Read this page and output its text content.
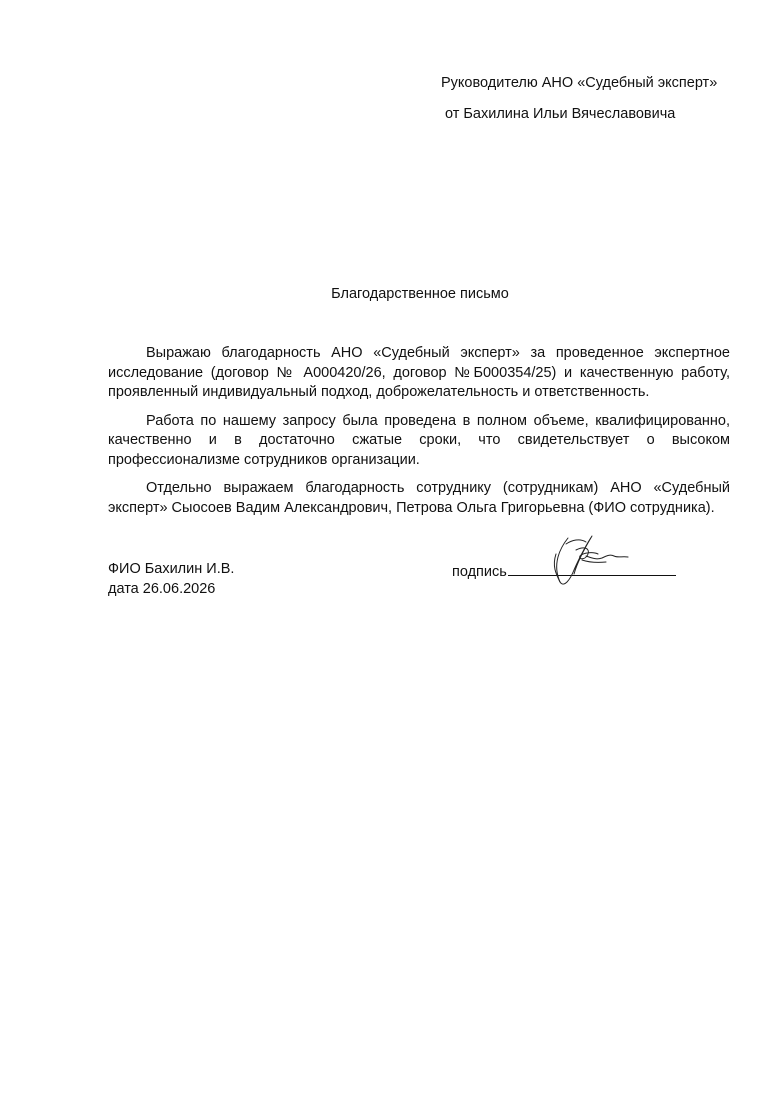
Руководителю АНО «Судебный эксперт»
от Бахилина Ильи Вячеславовича
Благодарственное письмо

Выражаю благодарность АНО «Судебный эксперт» за проведенное экспертное исследование (договор № А000420/26, договор №Б000354/25) и качественную работу, проявленный индивидуальный подход, доброжелательность и ответственность.

Работа по нашему запросу была проведена в полном объеме, квалифицированно, качественно и в достаточно сжатые сроки, что свидетельствует о высоком профессионализме сотрудников организации.

Отдельно выражаем благодарность сотруднику (сотрудникам) АНО «Судебный эксперт» Сыосоев Вадим Александрович, Петрова Ольга Григорьевна (ФИО сотрудника).

ФИО Бахилин И.В.
дата 26.06.2026
подпись
